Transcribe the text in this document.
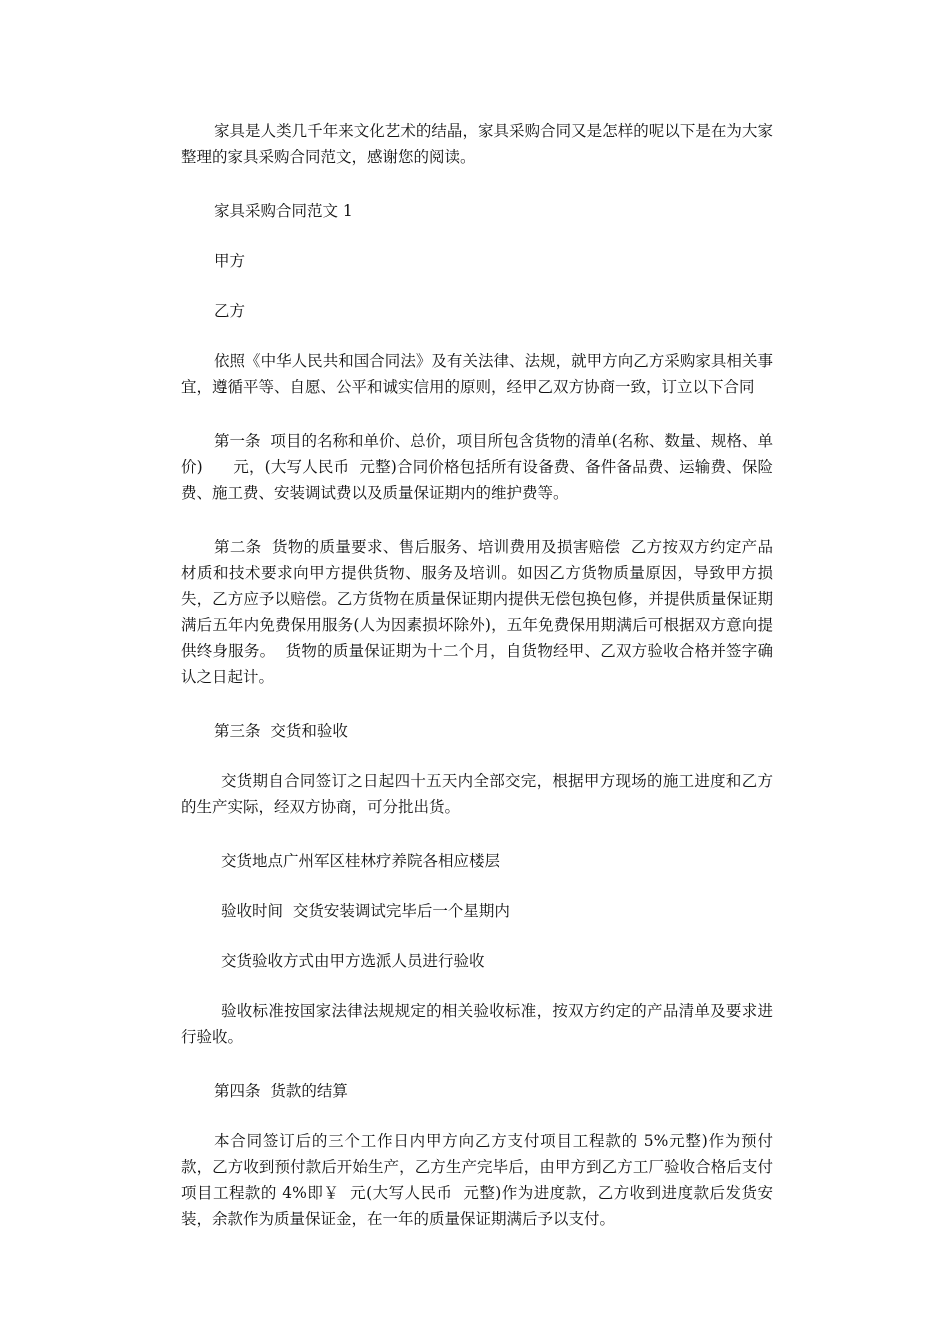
家具是人类几千年来文化艺术的结晶，家具采购合同又是怎样的呢以下是在为大家整理的家具采购合同范文，感谢您的阅读。

家具采购合同范文 1

甲方

乙方

依照《中华人民共和国合同法》及有关法律、法规，就甲方向乙方采购家具相关事宜，遵循平等、自愿、公平和诚实信用的原则，经甲乙双方协商一致，订立以下合同

第一条  项目的名称和单价、总价，项目所包含货物的清单(名称、数量、规格、单价)      元，(大写人民币  元整)合同价格包括所有设备费、备件备品费、运输费、保险费、施工费、安装调试费以及质量保证期内的维护费等。

第二条  货物的质量要求、售后服务、培训费用及损害赔偿  乙方按双方约定产品材质和技术要求向甲方提供货物、服务及培训。如因乙方货物质量原因，导致甲方损失，乙方应予以赔偿。乙方货物在质量保证期内提供无偿包换包修，并提供质量保证期满后五年内免费保用服务(人为因素损坏除外)，五年免费保用期满后可根据双方意向提供终身服务。  货物的质量保证期为十二个月，自货物经甲、乙双方验收合格并签字确认之日起计。

第三条  交货和验收

交货期自合同签订之日起四十五天内全部交完，根据甲方现场的施工进度和乙方的生产实际，经双方协商，可分批出货。

交货地点广州军区桂林疗养院各相应楼层

验收时间  交货安装调试完毕后一个星期内

交货验收方式由甲方选派人员进行验收

验收标准按国家法律法规规定的相关验收标准，按双方约定的产品清单及要求进行验收。

第四条  货款的结算

本合同签订后的三个工作日内甲方向乙方支付项目工程款的 5%元整)作为预付款，乙方收到预付款后开始生产，乙方生产完毕后，由甲方到乙方工厂验收合格后支付项目工程款的 4%即￥  元(大写人民币  元整)作为进度款，乙方收到进度款后发货安装，余款作为质量保证金，在一年的质量保证期满后予以支付。
